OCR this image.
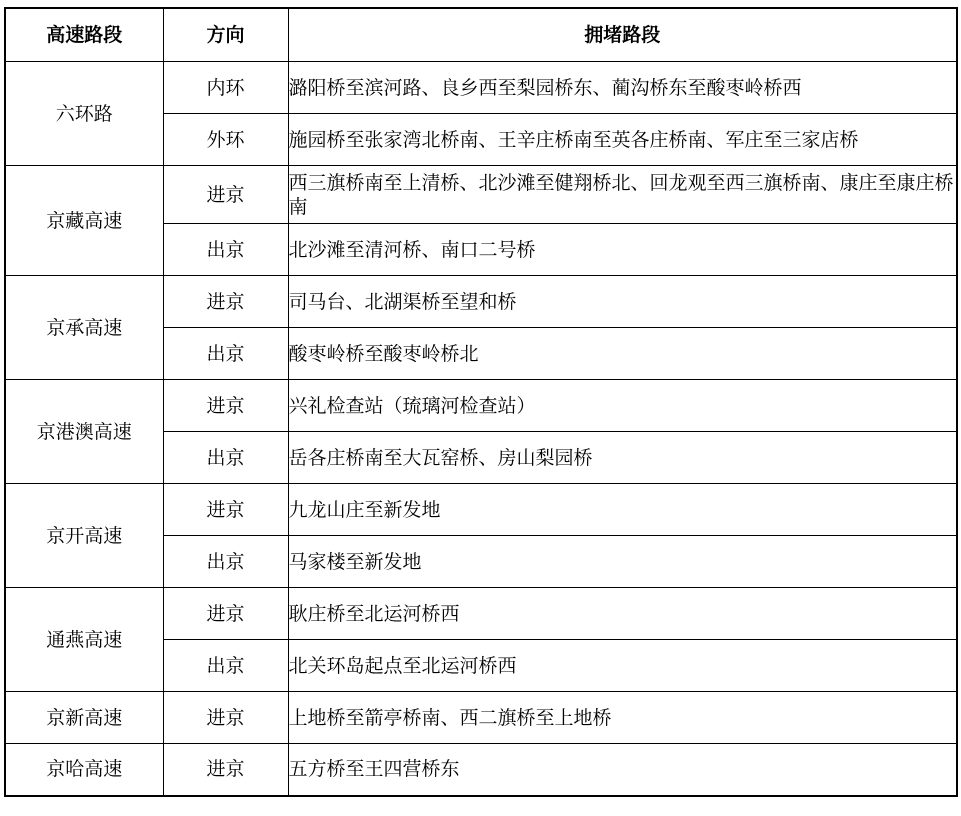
高速路段	方向	拥堵路段
六环路	内环	潞阳桥至滨河路、良乡西至梨园桥东、蔺沟桥东至酸枣岭桥西
	外环	施园桥至张家湾北桥南、王辛庄桥南至英各庄桥南、军庄至三家店桥
京藏高速	进京	西三旗桥南至上清桥、北沙滩至健翔桥北、回龙观至西三旗桥南、康庄至康庄桥南
	出京	北沙滩至清河桥、南口二号桥
京承高速	进京	司马台、北湖渠桥至望和桥
	出京	酸枣岭桥至酸枣岭桥北
京港澳高速	进京	兴礼检查站（琉璃河检查站）
	出京	岳各庄桥南至大瓦窑桥、房山梨园桥
京开高速	进京	九龙山庄至新发地
	出京	马家楼至新发地
通燕高速	进京	耿庄桥至北运河桥西
	出京	北关环岛起点至北运河桥西
京新高速	进京	上地桥至箭亭桥南、西二旗桥至上地桥
京哈高速	进京	五方桥至王四营桥东
